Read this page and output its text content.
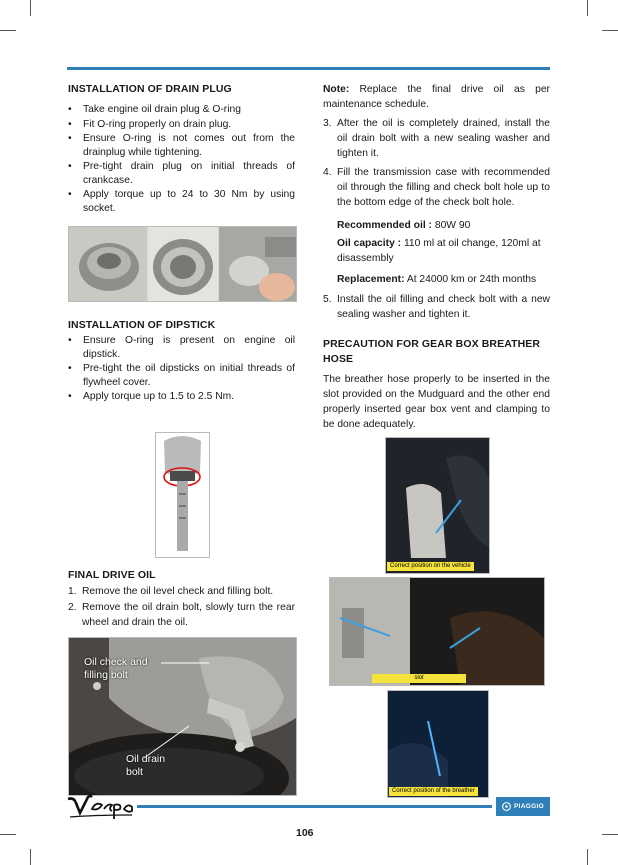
INSTALLATION OF DRAIN PLUG
• Take engine oil drain plug & O-ring
• Fit O-ring properly on drain plug.
• Ensure O-ring is not comes out from the drainplug while tightening.
• Pre-tight drain plug on initial threads of crankcase.
• Apply torque up to 24 to 30 Nm by using socket.
INSTALLATION OF DIPSTICK
• Ensure O-ring is present on engine oil dipstick.
• Pre-tight the oil dipsticks on initial threads of flywheel cover.
• Apply torque up to 1.5 to 2.5 Nm.
FINAL DRIVE OIL
1. Remove the oil level check and filling bolt.
2. Remove the oil drain bolt, slowly turn the rear wheel and drain the oil.
Oil check and filling bolt
Oil drain bolt
Note: Replace the final drive oil as per maintenance schedule.
3. After the oil is completely drained, install the oil drain bolt with a new sealing washer and tighten it.
4. Fill the transmission case with recommended oil through the filling and check bolt hole up to the bottom edge of the check bolt hole.
Recommended oil : 80W 90
Oil capacity : 110 ml at oil change, 120ml at disassembly
Replacement: At 24000 km or 24th months
5. Install the oil filling and check bolt with a new sealing washer and tighten it.
PRECAUTION FOR GEAR BOX BREATHER HOSE
The breather hose properly to be inserted in the slot provided on the Mudguard and the other end properly inserted gear box vent and clamping to be done adequately.
Correct position on the vehicle
slot
Correct position of the breather
PIAGGIO
106
